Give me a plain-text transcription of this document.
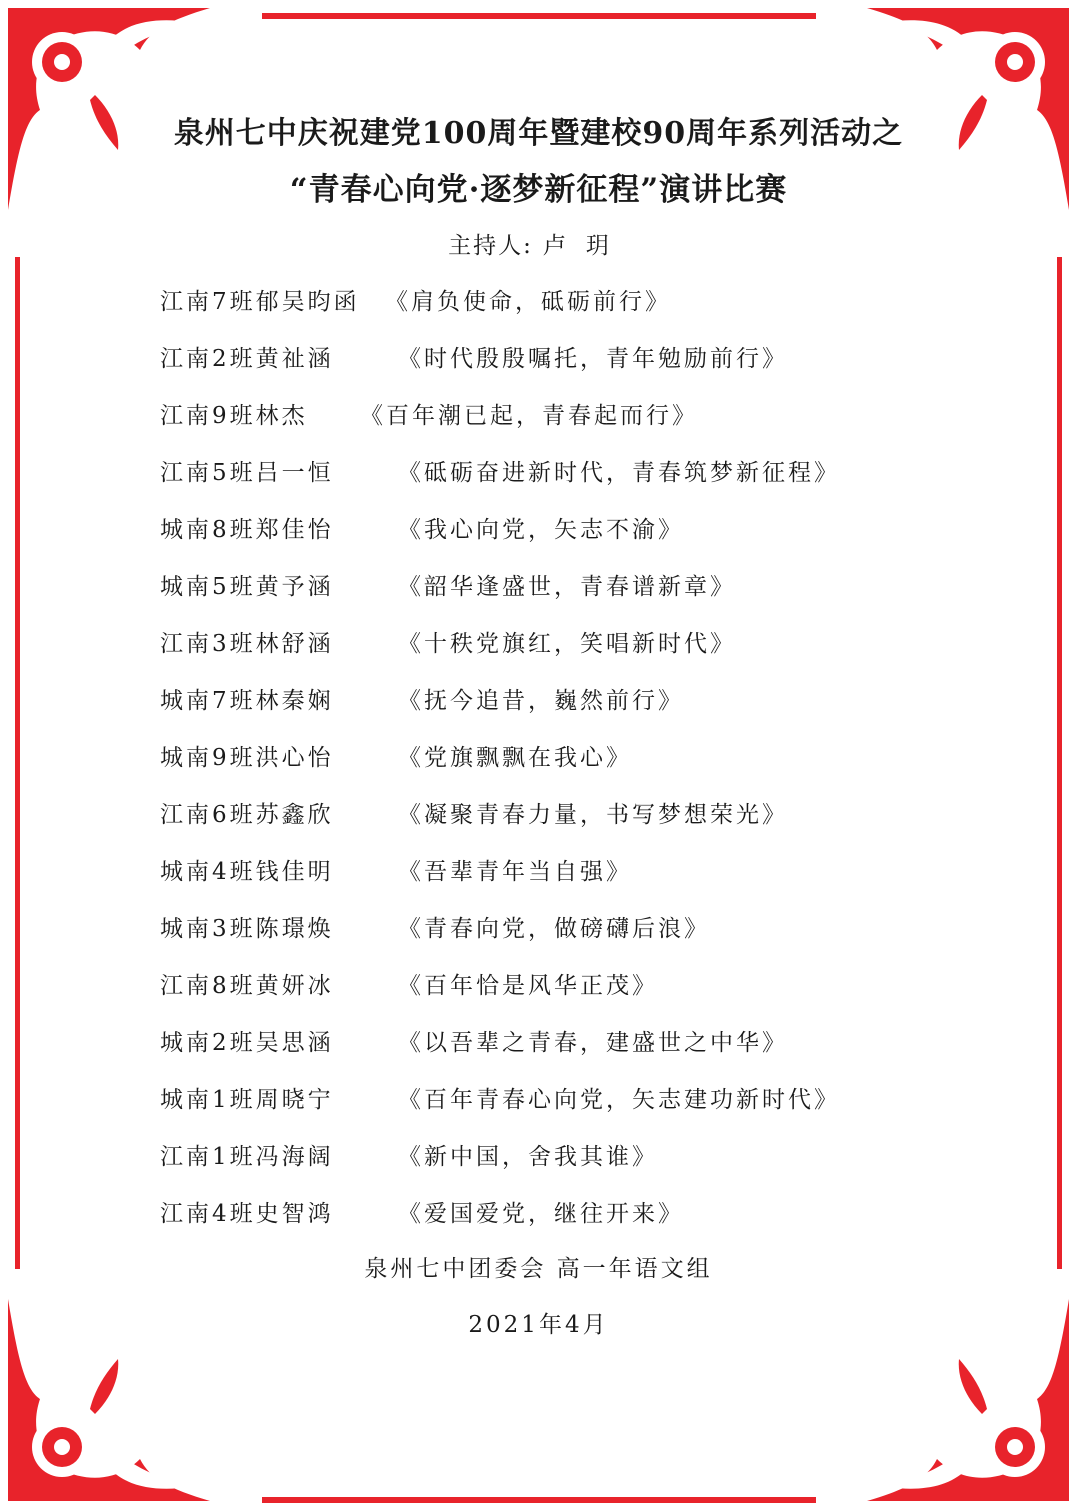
泉州七中庆祝建党100周年暨建校90周年系列活动之
“青春心向党·逐梦新征程”演讲比赛
主持人: 卢玥
江南7班郁吴昀函 《肩负使命，砥砺前行》
江南2班黄祉涵	《时代殷殷嘱托，青年勉励前行》
江南9班林杰 《百年潮已起，青春起而行》
江南5班吕一恒	《砥砺奋进新时代，青春筑梦新征程》
城南8班郑佳怡	《我心向党，矢志不渝》
城南5班黄予涵	《韶华逢盛世，青春谱新章》
江南3班林舒涵	《十秩党旗红，笑唱新时代》
城南7班林秦娴	《抚今追昔，巍然前行》
城南9班洪心怡	《党旗飘飘在我心》
江南6班苏鑫欣	《凝聚青春力量，书写梦想荣光》
城南4班钱佳明	《吾辈青年当自强》
城南3班陈璟焕	《青春向党，做磅礴后浪》
江南8班黄妍冰	《百年恰是风华正茂》
城南2班吴思涵	《以吾辈之青春，建盛世之中华》
城南1班周晓宁	《百年青春心向党，矢志建功新时代》
江南1班冯海阔	《新中国，舍我其谁》
江南4班史智鸿	《爱国爱党，继往开来》
泉州七中团委会 高一年语文组
2021年4月
